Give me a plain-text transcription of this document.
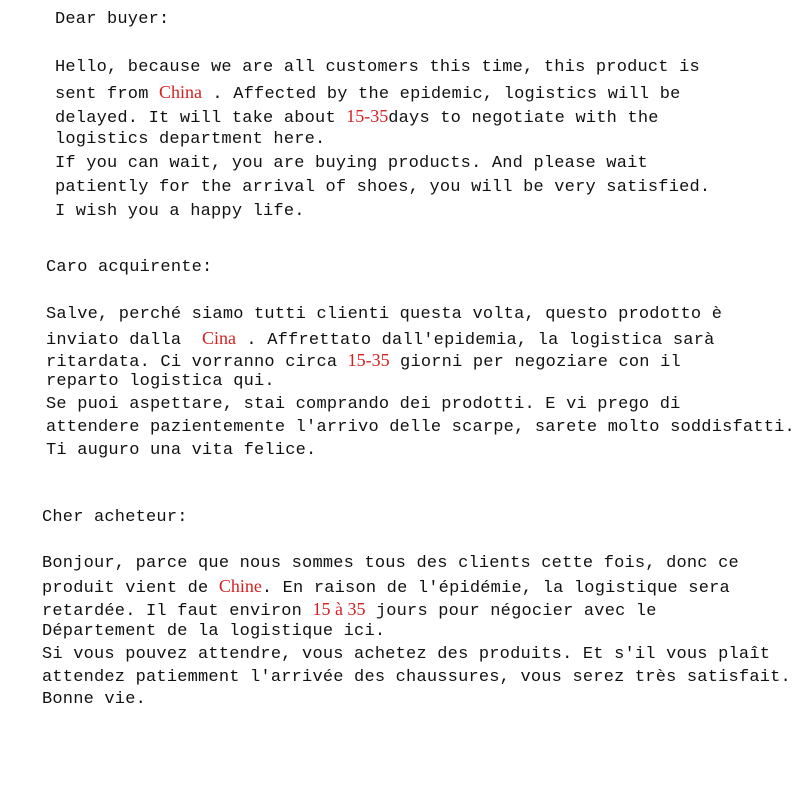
Dear buyer:
Hello, because we are all customers this time, this product is
sent from China . Affected by the epidemic, logistics will be
delayed. It will take about 15-35days to negotiate with the
logistics department here.
If you can wait, you are buying products. And please wait
patiently for the arrival of shoes, you will be very satisfied.
I wish you a happy life.
Caro acquirente:
Salve, perché siamo tutti clienti questa volta, questo prodotto è
inviato dalla  Cina . Affrettato dall'epidemia, la logistica sarà
ritardata. Ci vorranno circa 15-35 giorni per negoziare con il
reparto logistica qui.
Se puoi aspettare, stai comprando dei prodotti. E vi prego di
attendere pazientemente l'arrivo delle scarpe, sarete molto soddisfatti.
Ti auguro una vita felice.
Cher acheteur:
Bonjour, parce que nous sommes tous des clients cette fois, donc ce
produit vient de Chine. En raison de l'épidémie, la logistique sera
retardée. Il faut environ 15 à 35 jours pour négocier avec le
Département de la logistique ici.
Si vous pouvez attendre, vous achetez des produits. Et s'il vous plaît
attendez patiemment l'arrivée des chaussures, vous serez très satisfait.
Bonne vie.
